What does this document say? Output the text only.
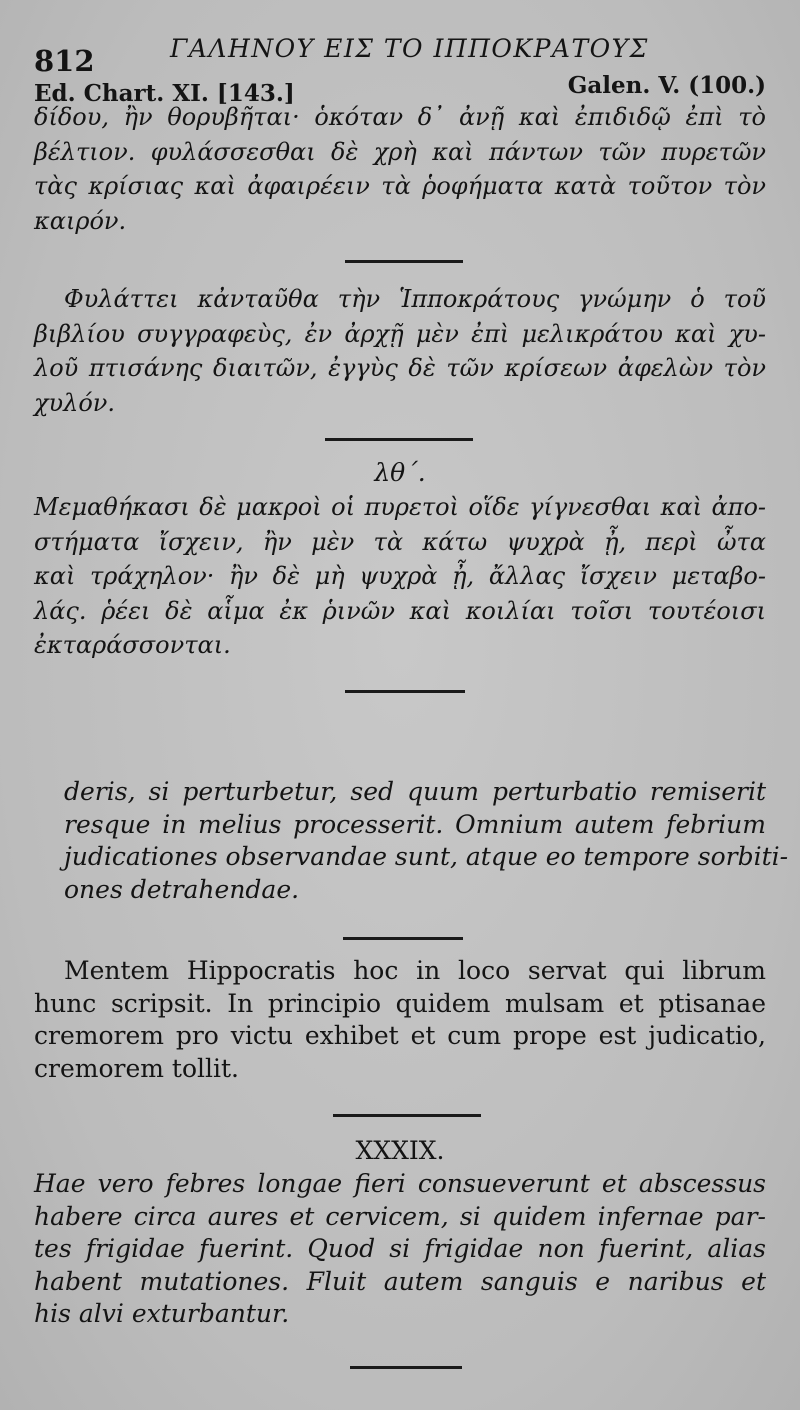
812	ΓΑΛΗΝΟΥ ΕΙΣ ΤΟ ΙΠΠΟΚΡΑΤΟΥΣ
Ed. Chart. XI. [143.]	Galen. V. (100.)
δίδου, ἢν θορυβῆται· ὁκόταν δ᾽ ἀνῇ καὶ ἐπιδιδῷ ἐπὶ τὸ
βέλτιον. φυλάσσεσθαι δὲ χρὴ καὶ πάντων τῶν πυρετῶν
τὰς κρίσιας καὶ ἀφαιρέειν τὰ ῥοφήματα κατὰ τοῦτον τὸν
καιρόν.
Φυλάττει κἀνταῦθα τὴν Ἱπποκράτους γνώμην ὁ τοῦ
βιβλίου συγγραφεὺς, ἐν ἀρχῇ μὲν ἐπὶ μελικράτου καὶ χυ-
λοῦ πτισάνης διαιτῶν, ἐγγὺς δὲ τῶν κρίσεων ἀφελὼν τὸν
χυλόν.
λθ΄.
Μεμαθήκασι δὲ μακροὶ οἱ πυρετοὶ οἵδε γίγνεσθαι καὶ ἀπο-
στήματα ἴσχειν, ἢν μὲν τὰ κάτω ψυχρὰ ᾖ, περὶ ὦτα
καὶ τράχηλον· ἢν δὲ μὴ ψυχρὰ ᾖ, ἄλλας ἴσχειν μεταβο-
λάς. ῥέει δὲ αἷμα ἐκ ῥινῶν καὶ κοιλίαι τοῖσι τουτέοισι
ἐκταράσσονται.
deris, si perturbetur, sed quum perturbatio remiserit
resque in melius processerit. Omnium autem febrium
judicationes observandae sunt, atque eo tempore sorbiti-
ones detrahendae.
Mentem Hippocratis hoc in loco servat qui librum
hunc scripsit. In principio quidem mulsam et ptisanae
cremorem pro victu exhibet et cum prope est judicatio,
cremorem tollit.
XXXIX.
Hae vero febres longae fieri consueverunt et abscessus
habere circa aures et cervicem, si quidem infernae par-
tes frigidae fuerint. Quod si frigidae non fuerint, alias
habent mutationes. Fluit autem sanguis e naribus et
his alvi exturbantur.
